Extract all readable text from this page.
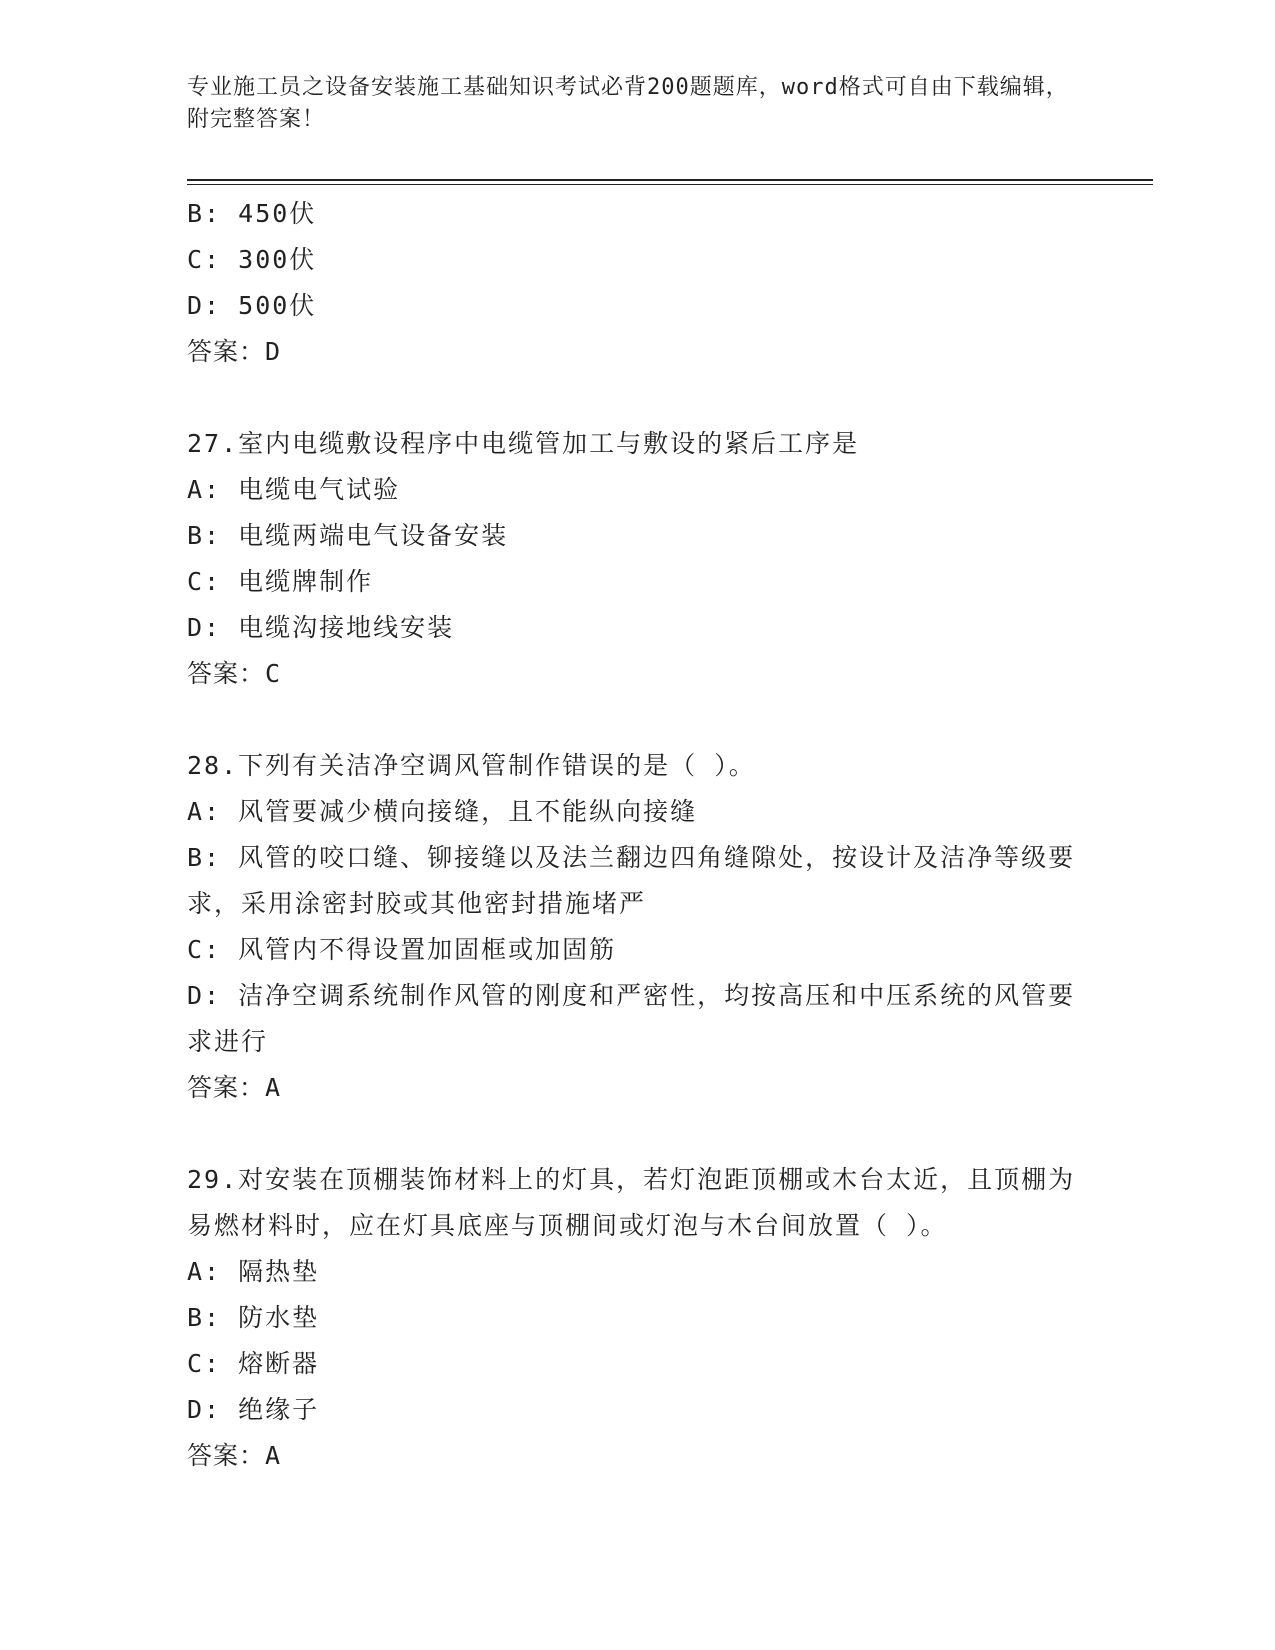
专业施工员之设备安装施工基础知识考试必背200题题库，word格式可自由下载编辑，附完整答案！
B: 450伏
C: 300伏
D: 500伏
答案：D
27.室内电缆敷设程序中电缆管加工与敷设的紧后工序是
A: 电缆电气试验
B: 电缆两端电气设备安装
C: 电缆牌制作
D: 电缆沟接地线安装
答案：C
28.下列有关洁净空调风管制作错误的是（ ）。
A: 风管要减少横向接缝，且不能纵向接缝
B: 风管的咬口缝、铆接缝以及法兰翻边四角缝隙处，按设计及洁净等级要求，采用涂密封胶或其他密封措施堵严
C: 风管内不得设置加固框或加固筋
D: 洁净空调系统制作风管的刚度和严密性，均按高压和中压系统的风管要求进行
答案：A
29.对安装在顶棚装饰材料上的灯具，若灯泡距顶棚或木台太近，且顶棚为易燃材料时，应在灯具底座与顶棚间或灯泡与木台间放置（ ）。
A: 隔热垫
B: 防水垫
C: 熔断器
D: 绝缘子
答案：A
